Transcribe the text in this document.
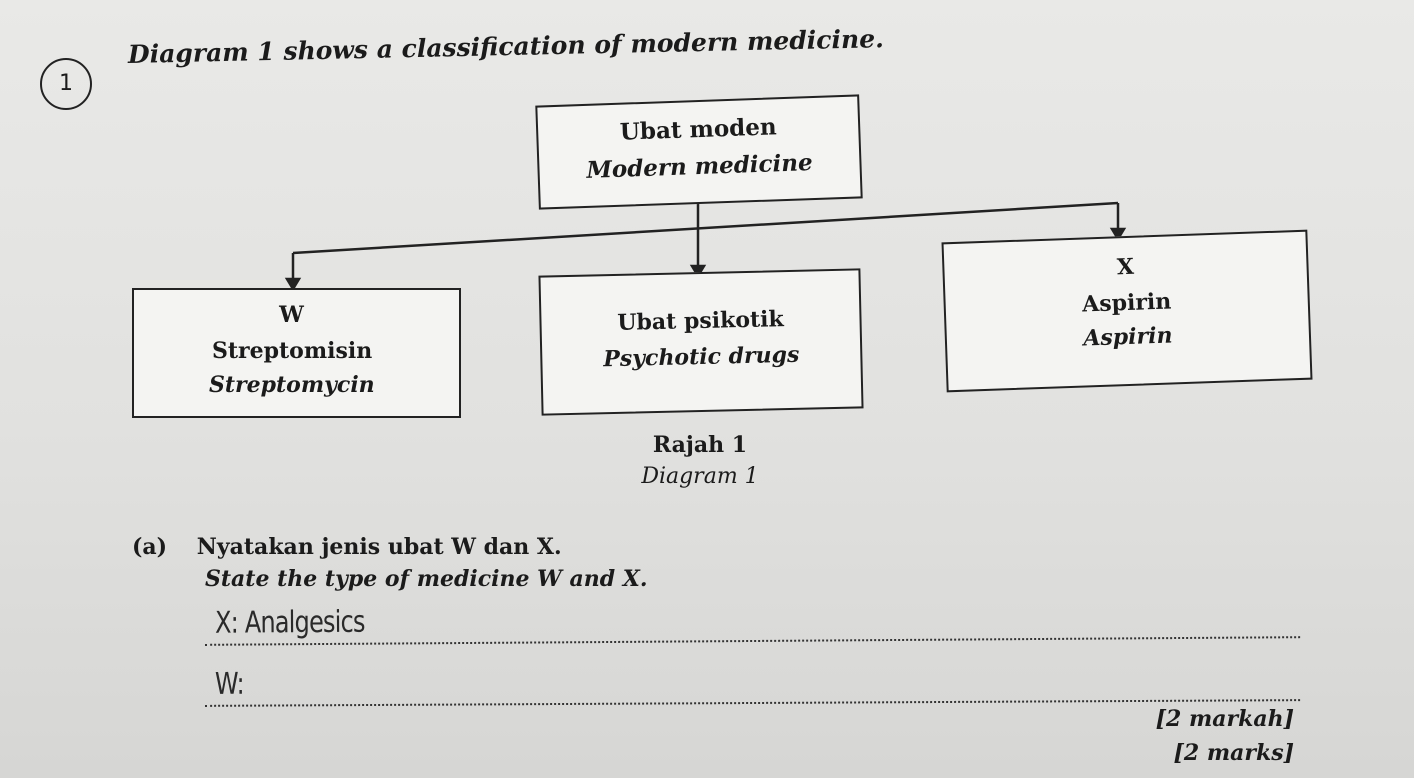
1
Diagram 1 shows a classification of modern medicine.
Ubat moden
Modern medicine
W
Streptomisin
Streptomycin
Ubat psikotik
Psychotic drugs
X
Aspirin
Aspirin
Rajah 1
Diagram 1
(a) Nyatakan jenis ubat W dan X.
State the type of medicine W and X.
X: Analgesics
W:
[2 markah]
[2 marks]
